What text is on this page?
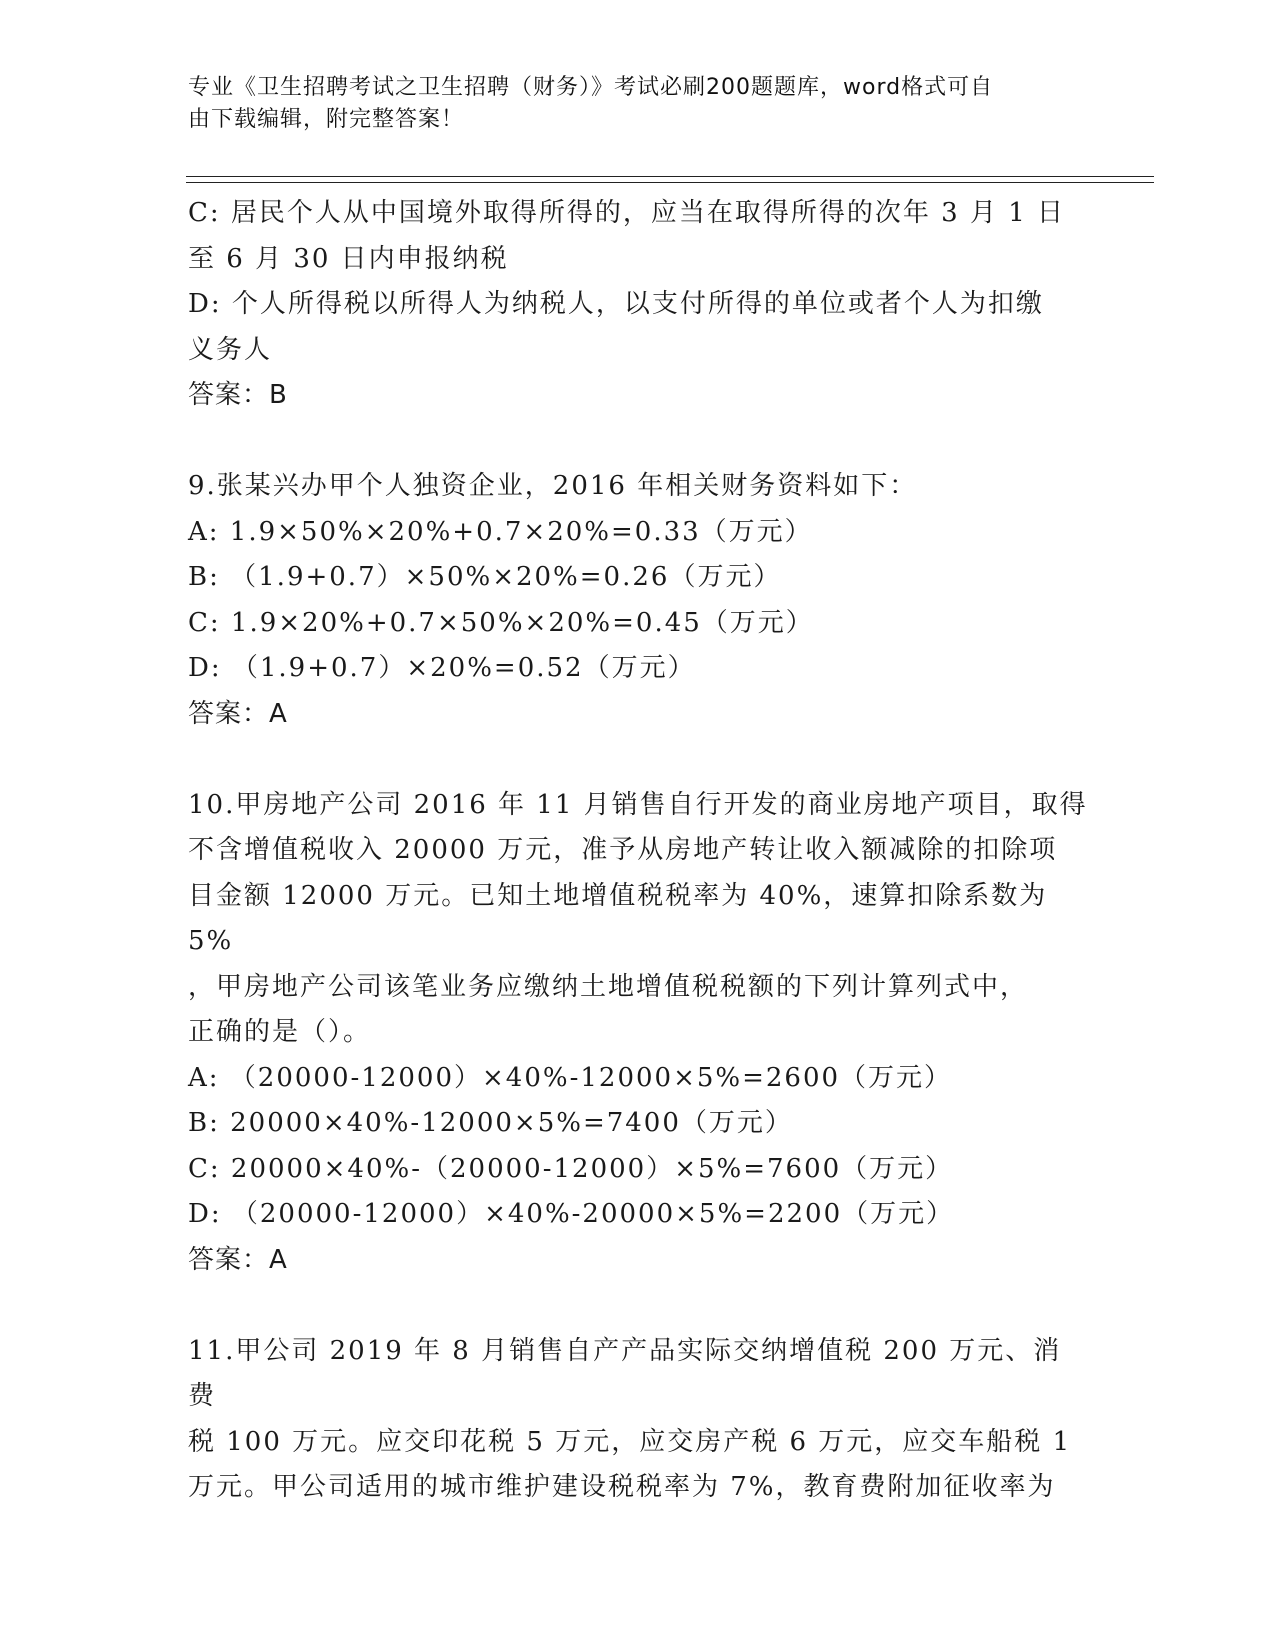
专业《卫生招聘考试之卫生招聘（财务）》考试必刷200题题库，word格式可自
由下载编辑，附完整答案！

C: 居民个人从中国境外取得所得的，应当在取得所得的次年 3 月 1 日

至 6 月 30 日内申报纳税

D: 个人所得税以所得人为纳税人，以支付所得的单位或者个人为扣缴

义务人

答案：B

9.张某兴办甲个人独资企业，2016 年相关财务资料如下：

A: 1.9×50%×20%+0.7×20%=0.33（万元）

B: （1.9+0.7）×50%×20%=0.26（万元）

C: 1.9×20%+0.7×50%×20%=0.45（万元）

D: （1.9+0.7）×20%=0.52（万元）

答案：A

10.甲房地产公司 2016 年 11 月销售自行开发的商业房地产项目，取得

不含增值税收入 20000 万元，准予从房地产转让收入额减除的扣除项

目金额 12000 万元。已知土地增值税税率为 40%，速算扣除系数为 5%

，甲房地产公司该笔业务应缴纳土地增值税税额的下列计算列式中，

正确的是（）。

A: （20000-12000）×40%-12000×5%=2600（万元）

B: 20000×40%-12000×5%=7400（万元）

C: 20000×40%-（20000-12000）×5%=7600（万元）

D: （20000-12000）×40%-20000×5%=2200（万元）

答案：A

11.甲公司 2019 年 8 月销售自产产品实际交纳增值税 200 万元、消费

税 100 万元。应交印花税 5 万元，应交房产税 6 万元，应交车船税 1

万元。甲公司适用的城市维护建设税税率为 7%，教育费附加征收率为
